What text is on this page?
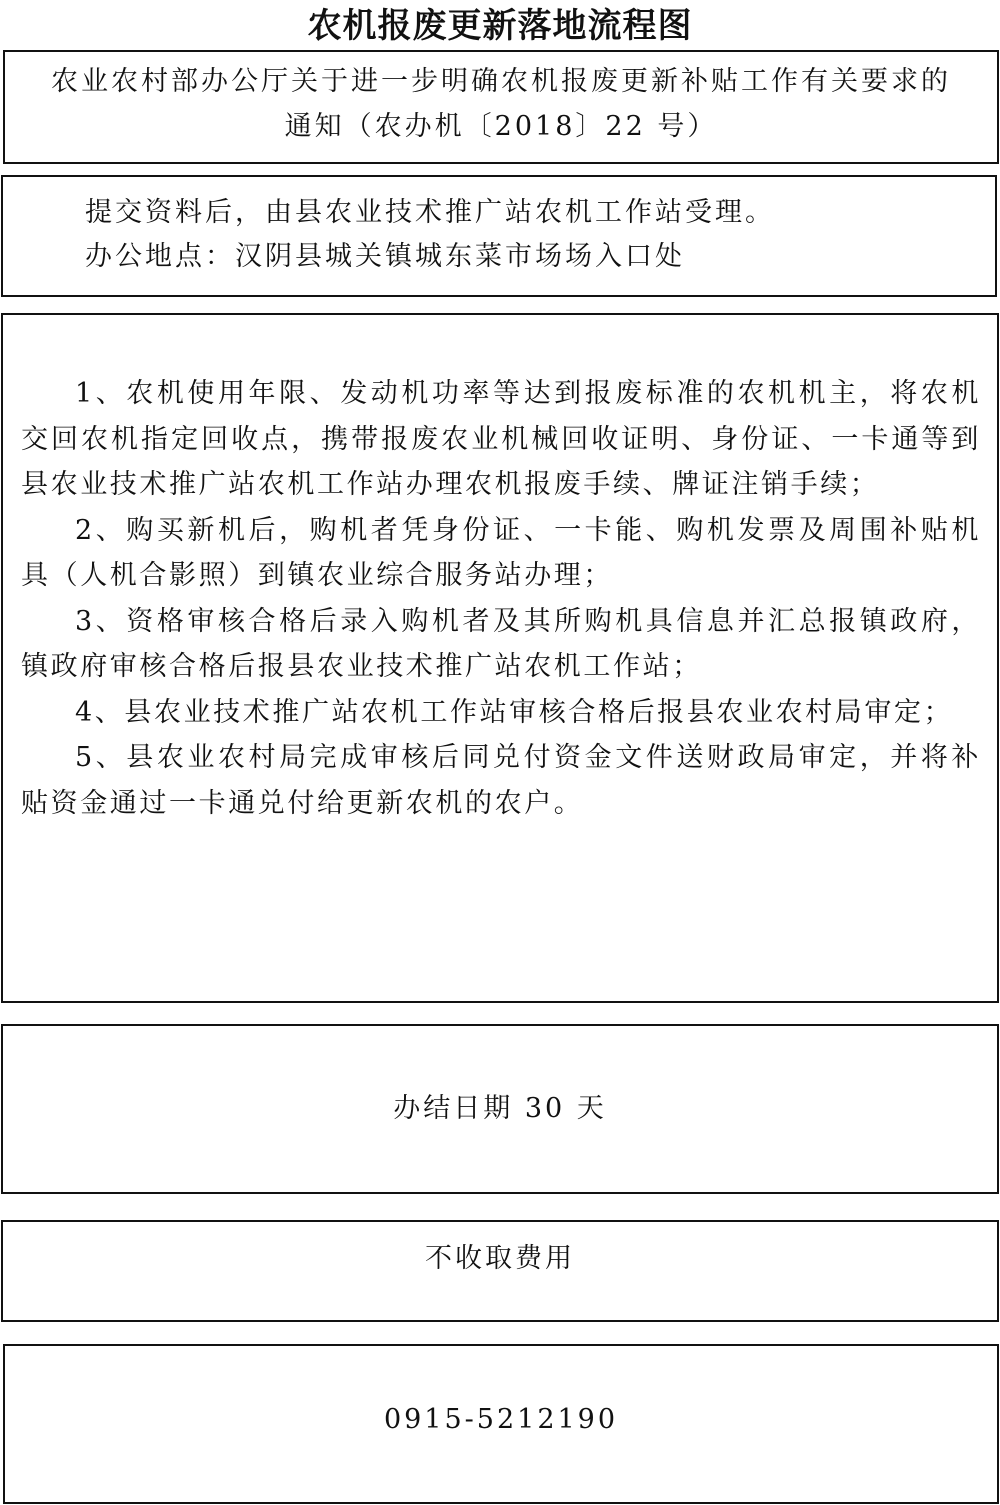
农机报废更新落地流程图

农业农村部办公厅关于进一步明确农机报废更新补贴工作有关要求的

通知（农办机〔2018〕22 号）

提交资料后，由县农业技术推广站农机工作站受理。

办公地点：汉阴县城关镇城东菜市场场入口处

1、农机使用年限、发动机功率等达到报废标准的农机机主，将农机交回农机指定回收点，携带报废农业机械回收证明、身份证、一卡通等到县农业技术推广站农机工作站办理农机报废手续、牌证注销手续；

2、购买新机后，购机者凭身份证、一卡能、购机发票及周围补贴机具（人机合影照）到镇农业综合服务站办理；

3、资格审核合格后录入购机者及其所购机具信息并汇总报镇政府，镇政府审核合格后报县农业技术推广站农机工作站；

4、县农业技术推广站农机工作站审核合格后报县农业农村局审定；

5、县农业农村局完成审核后同兑付资金文件送财政局审定，并将补贴资金通过一卡通兑付给更新农机的农户。

办结日期 30 天
不收取费用
0915-5212190
